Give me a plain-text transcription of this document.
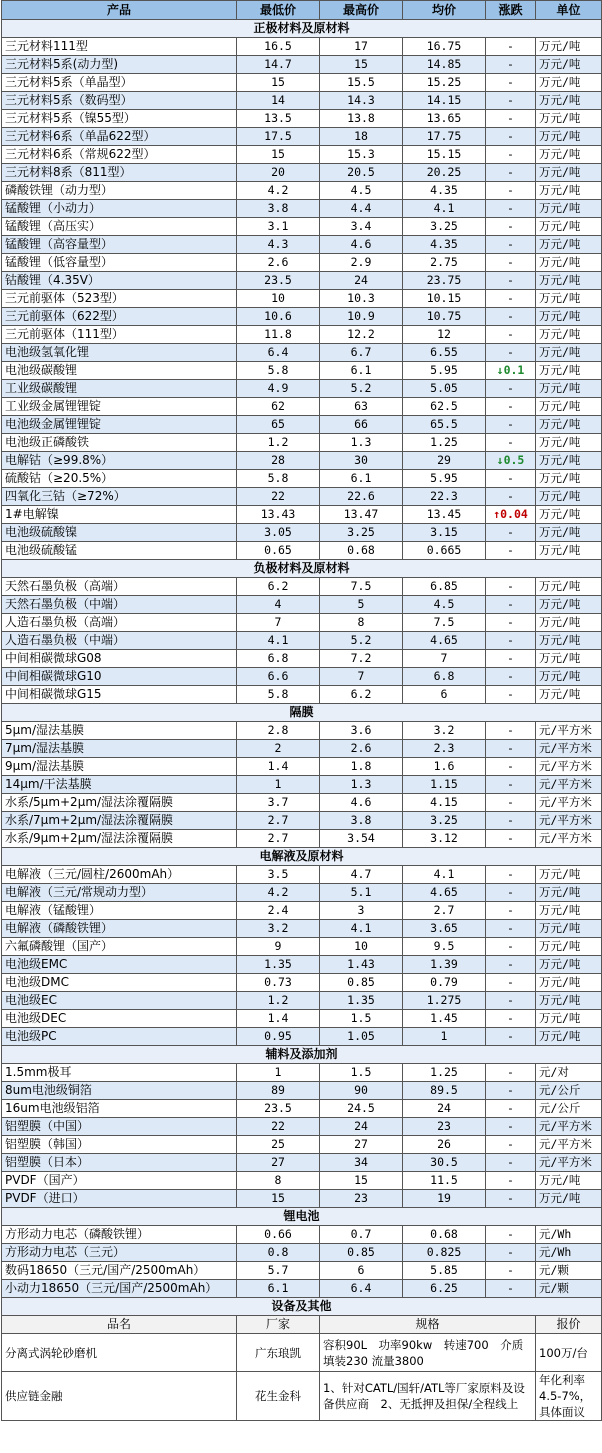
产品	最低价	最高价	均价	涨跌	单位
正极材料及原材料					
三元材料111型	16.5	17	16.75	-	万元/吨
三元材料5系(动力型)	14.7	15	14.85	-	万元/吨
三元材料5系（单晶型）	15	15.5	15.25	-	万元/吨
三元材料5系（数码型）	14	14.3	14.15	-	万元/吨
三元材料5系（镍55型）	13.5	13.8	13.65	-	万元/吨
三元材料6系（单晶622型）	17.5	18	17.75	-	万元/吨
三元材料6系（常规622型）	15	15.3	15.15	-	万元/吨
三元材料8系（811型）	20	20.5	20.25	-	万元/吨
磷酸铁锂（动力型）	4.2	4.5	4.35	-	万元/吨
锰酸锂（小动力）	3.8	4.4	4.1	-	万元/吨
锰酸锂（高压实）	3.1	3.4	3.25	-	万元/吨
锰酸锂（高容量型）	4.3	4.6	4.35	-	万元/吨
锰酸锂（低容量型）	2.6	2.9	2.75	-	万元/吨
钴酸锂（4.35V）	23.5	24	23.75	-	万元/吨
三元前驱体（523型）	10	10.3	10.15	-	万元/吨
三元前驱体（622型）	10.6	10.9	10.75	-	万元/吨
三元前驱体（111型）	11.8	12.2	12	-	万元/吨
电池级氢氧化锂	6.4	6.7	6.55	-	万元/吨
电池级碳酸锂	5.8	6.1	5.95	↓0.1	万元/吨
工业级碳酸锂	4.9	5.2	5.05	-	万元/吨
工业级金属锂锂锭	62	63	62.5	-	万元/吨
电池级金属锂锂锭	65	66	65.5	-	万元/吨
电池级正磷酸铁	1.2	1.3	1.25	-	万元/吨
电解钴（≥99.8%）	28	30	29	↓0.5	万元/吨
硫酸钴（≥20.5%）	5.8	6.1	5.95	-	万元/吨
四氧化三钴（≥72%）	22	22.6	22.3	-	万元/吨
1#电解镍	13.43	13.47	13.45	↑0.04	万元/吨
电池级硫酸镍	3.05	3.25	3.15	-	万元/吨
电池级硫酸锰	0.65	0.68	0.665	-	万元/吨
负极材料及原材料					
天然石墨负极（高端）	6.2	7.5	6.85	-	万元/吨
天然石墨负极（中端）	4	5	4.5	-	万元/吨
人造石墨负极（高端）	7	8	7.5	-	万元/吨
人造石墨负极（中端）	4.1	5.2	4.65	-	万元/吨
中间相碳微球G08	6.8	7.2	7	-	万元/吨
中间相碳微球G10	6.6	7	6.8	-	万元/吨
中间相碳微球G15	5.8	6.2	6	-	万元/吨
隔膜					
5μm/湿法基膜	2.8	3.6	3.2	-	元/平方米
7μm/湿法基膜	2	2.6	2.3	-	元/平方米
9μm/湿法基膜	1.4	1.8	1.6	-	元/平方米
14μm/干法基膜	1	1.3	1.15	-	元/平方米
水系/5μm+2μm/湿法涂覆隔膜	3.7	4.6	4.15	-	元/平方米
水系/7μm+2μm/湿法涂覆隔膜	2.7	3.8	3.25	-	元/平方米
水系/9μm+2μm/湿法涂覆隔膜	2.7	3.54	3.12	-	元/平方米
电解液及原材料					
电解液（三元/圆柱/2600mAh）	3.5	4.7	4.1	-	万元/吨
电解液（三元/常规动力型）	4.2	5.1	4.65	-	万元/吨
电解液（锰酸锂）	2.4	3	2.7	-	万元/吨
电解液（磷酸铁锂）	3.2	4.1	3.65	-	万元/吨
六氟磷酸锂（国产）	9	10	9.5	-	万元/吨
电池级EMC	1.35	1.43	1.39	-	万元/吨
电池级DMC	0.73	0.85	0.79	-	万元/吨
电池级EC	1.2	1.35	1.275	-	万元/吨
电池级DEC	1.4	1.5	1.45	-	万元/吨
电池级PC	0.95	1.05	1	-	万元/吨
辅料及添加剂					
1.5mm极耳	1	1.5	1.25	-	元/对
8um电池级铜箔	89	90	89.5	-	元/公斤
16um电池级铝箔	23.5	24.5	24	-	元/公斤
铝塑膜（中国）	22	24	23	-	元/平方米
铝塑膜（韩国）	25	27	26	-	元/平方米
铝塑膜（日本）	27	34	30.5	-	元/平方米
PVDF（国产）	8	15	11.5	-	万元/吨
PVDF（进口）	15	23	19	-	万元/吨
锂电池					
方形动力电芯（磷酸铁锂）	0.66	0.7	0.68	-	元/Wh
方形动力电芯（三元）	0.8	0.85	0.825	-	元/Wh
数码18650（三元/国产/2500mAh）	5.7	6	5.85	-	元/颗
小动力18650（三元/国产/2500mAh）	6.1	6.4	6.25	-	元/颗
设备及其他					
品名	厂家	规格			报价
分离式涡轮砂磨机	广东琅凯	容积90L　功率90kw　转速700　介质填装230 流量3800			100万/台
供应链金融	花生金科	1、针对CATL/国轩/ATL等厂家原料及设备供应商　2、无抵押及担保/全程线上			年化利率4.5-7%，具体面议
